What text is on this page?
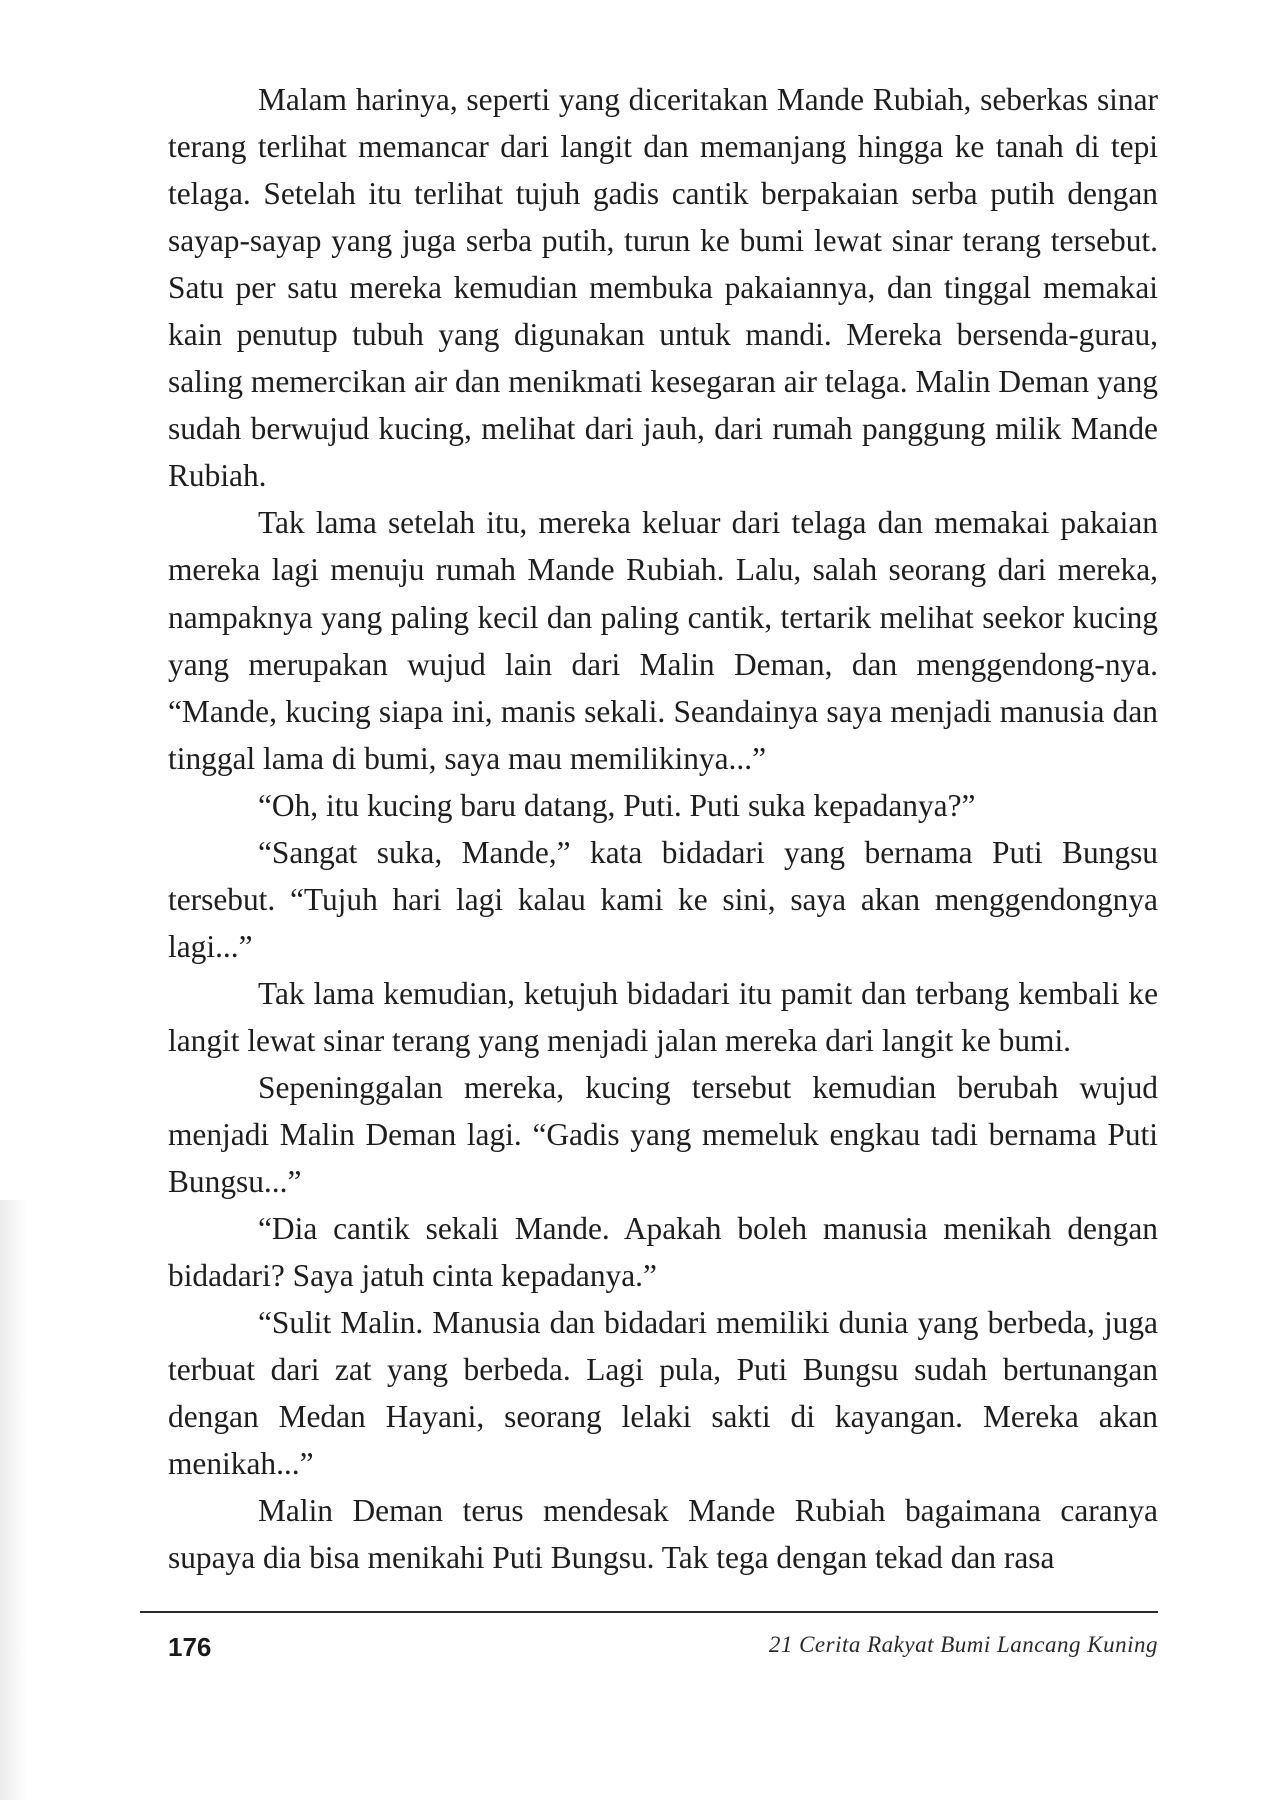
Malam harinya, seperti yang diceritakan Mande Rubiah, seberkas sinar terang terlihat memancar dari langit dan memanjang hingga ke tanah di tepi telaga. Setelah itu terlihat tujuh gadis cantik berpakaian serba putih dengan sayap-sayap yang juga serba putih, turun ke bumi lewat sinar terang tersebut. Satu per satu mereka kemudian membuka pakaiannya, dan tinggal memakai kain penutup tubuh yang digunakan untuk mandi. Mereka bersenda-gurau, saling memercikan air dan menikmati kesegaran air telaga. Malin Deman yang sudah berwujud kucing, melihat dari jauh, dari rumah panggung milik Mande Rubiah.

Tak lama setelah itu, mereka keluar dari telaga dan memakai pakaian mereka lagi menuju rumah Mande Rubiah. Lalu, salah seorang dari mereka, nampaknya yang paling kecil dan paling cantik, tertarik melihat seekor kucing yang merupakan wujud lain dari Malin Deman, dan menggendong-nya. “Mande, kucing siapa ini, manis sekali. Seandainya saya menjadi manusia dan tinggal lama di bumi, saya mau memilikinya...”

“Oh, itu kucing baru datang, Puti. Puti suka kepadanya?”

“Sangat suka, Mande,” kata bidadari yang bernama Puti Bungsu tersebut. “Tujuh hari lagi kalau kami ke sini, saya akan menggendongnya lagi...”

Tak lama kemudian, ketujuh bidadari itu pamit dan terbang kembali ke langit lewat sinar terang yang menjadi jalan mereka dari langit ke bumi.

Sepeninggalan mereka, kucing tersebut kemudian berubah wujud menjadi Malin Deman lagi. “Gadis yang memeluk engkau tadi bernama Puti Bungsu...”

“Dia cantik sekali Mande. Apakah boleh manusia menikah dengan bidadari? Saya jatuh cinta kepadanya.”

“Sulit Malin. Manusia dan bidadari memiliki dunia yang berbeda, juga terbuat dari zat yang berbeda. Lagi pula, Puti Bungsu sudah bertunangan dengan Medan Hayani, seorang lelaki sakti di kayangan. Mereka akan menikah...”

Malin Deman terus mendesak Mande Rubiah bagaimana caranya supaya dia bisa menikahi Puti Bungsu. Tak tega dengan tekad dan rasa

176	21 Cerita Rakyat Bumi Lancang Kuning
